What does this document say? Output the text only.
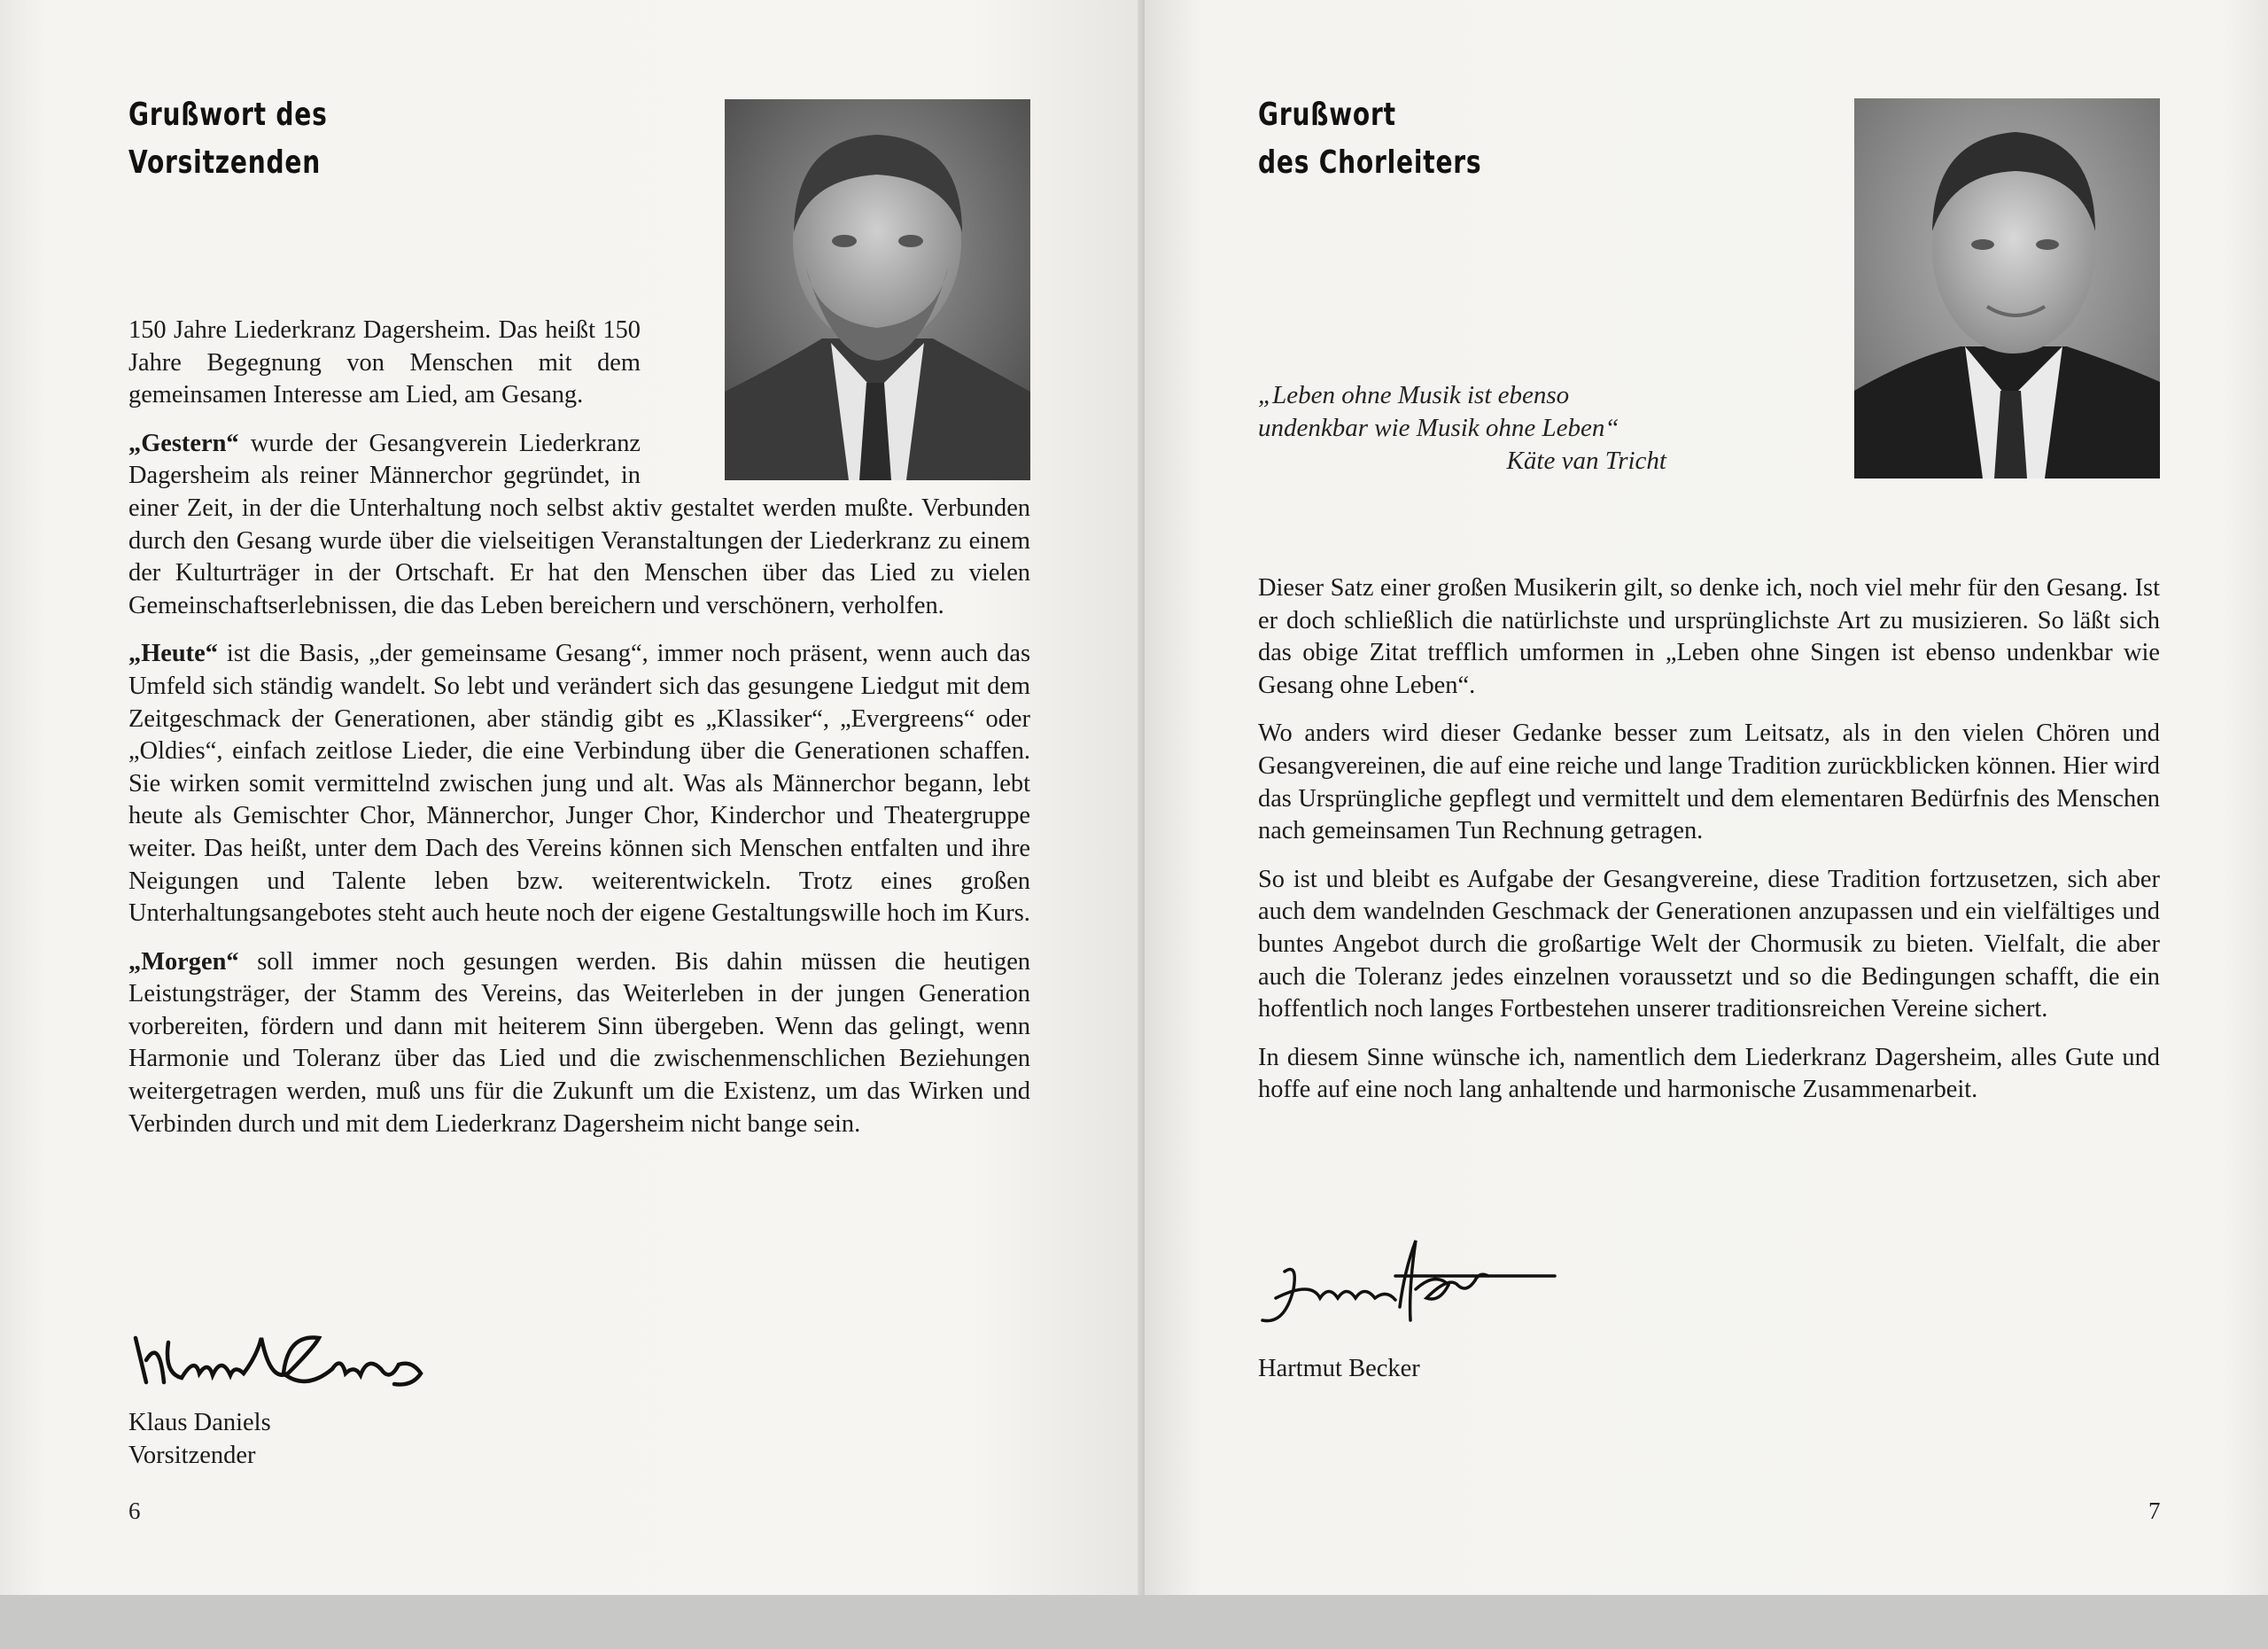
Grußwort des
Vorsitzenden

150 Jahre Liederkranz Dagersheim. Das heißt 150 Jahre Begegnung von Menschen mit dem gemeinsamen Interesse am Lied, am Gesang.

„Gestern“ wurde der Gesangverein Liederkranz Dagersheim als reiner Männerchor gegründet, in einer Zeit, in der die Unterhaltung noch selbst aktiv gestaltet werden mußte. Verbunden durch den Gesang wurde über die vielseitigen Veranstaltungen der Liederkranz zu einem der Kulturträger in der Ortschaft. Er hat den Menschen über das Lied zu vielen Gemeinschaftserlebnissen, die das Leben bereichern und verschönern, verholfen.

„Heute“ ist die Basis, „der gemeinsame Gesang“, immer noch präsent, wenn auch das Umfeld sich ständig wandelt. So lebt und verändert sich das gesungene Liedgut mit dem Zeitgeschmack der Generationen, aber ständig gibt es „Klassiker“, „Evergreens“ oder „Oldies“, einfach zeitlose Lieder, die eine Verbindung über die Generationen schaffen. Sie wirken somit vermittelnd zwischen jung und alt. Was als Männerchor begann, lebt heute als Gemischter Chor, Männerchor, Junger Chor, Kinderchor und Theatergruppe weiter. Das heißt, unter dem Dach des Vereins können sich Menschen entfalten und ihre Neigungen und Talente leben bzw. weiterentwickeln. Trotz eines großen Unterhaltungsangebotes steht auch heute noch der eigene Gestaltungswille hoch im Kurs.

„Morgen“ soll immer noch gesungen werden. Bis dahin müssen die heutigen Leistungsträger, der Stamm des Vereins, das Weiterleben in der jungen Generation vorbereiten, fördern und dann mit heiterem Sinn übergeben. Wenn das gelingt, wenn Harmonie und Toleranz über das Lied und die zwischenmenschlichen Beziehungen weitergetragen werden, muß uns für die Zukunft um die Existenz, um das Wirken und Verbinden durch und mit dem Liederkranz Dagersheim nicht bange sein.

Klaus Daniels
Vorsitzender
6
Grußwort
des Chorleiters
„Leben ohne Musik ist ebenso
undenkbar wie Musik ohne Leben“
Käte van Tricht

Dieser Satz einer großen Musikerin gilt, so denke ich, noch viel mehr für den Gesang. Ist er doch schließlich die natürlichste und ursprünglichste Art zu musizieren. So läßt sich das obige Zitat trefflich umformen in „Leben ohne Singen ist ebenso undenkbar wie Gesang ohne Leben“.

Wo anders wird dieser Gedanke besser zum Leitsatz, als in den vielen Chören und Gesangvereinen, die auf eine reiche und lange Tradition zurückblicken können. Hier wird das Ursprüngliche gepflegt und vermittelt und dem elementaren Bedürfnis des Menschen nach gemeinsamen Tun Rechnung getragen.

So ist und bleibt es Aufgabe der Gesangvereine, diese Tradition fortzusetzen, sich aber auch dem wandelnden Geschmack der Generationen anzupassen und ein vielfältiges und buntes Angebot durch die großartige Welt der Chormusik zu bieten. Vielfalt, die aber auch die Toleranz jedes einzelnen voraussetzt und so die Bedingungen schafft, die ein hoffentlich noch langes Fortbestehen unserer traditionsreichen Vereine sichert.

In diesem Sinne wünsche ich, namentlich dem Liederkranz Dagersheim, alles Gute und hoffe auf eine noch lang anhaltende und harmonische Zusammenarbeit.

Hartmut Becker
7
